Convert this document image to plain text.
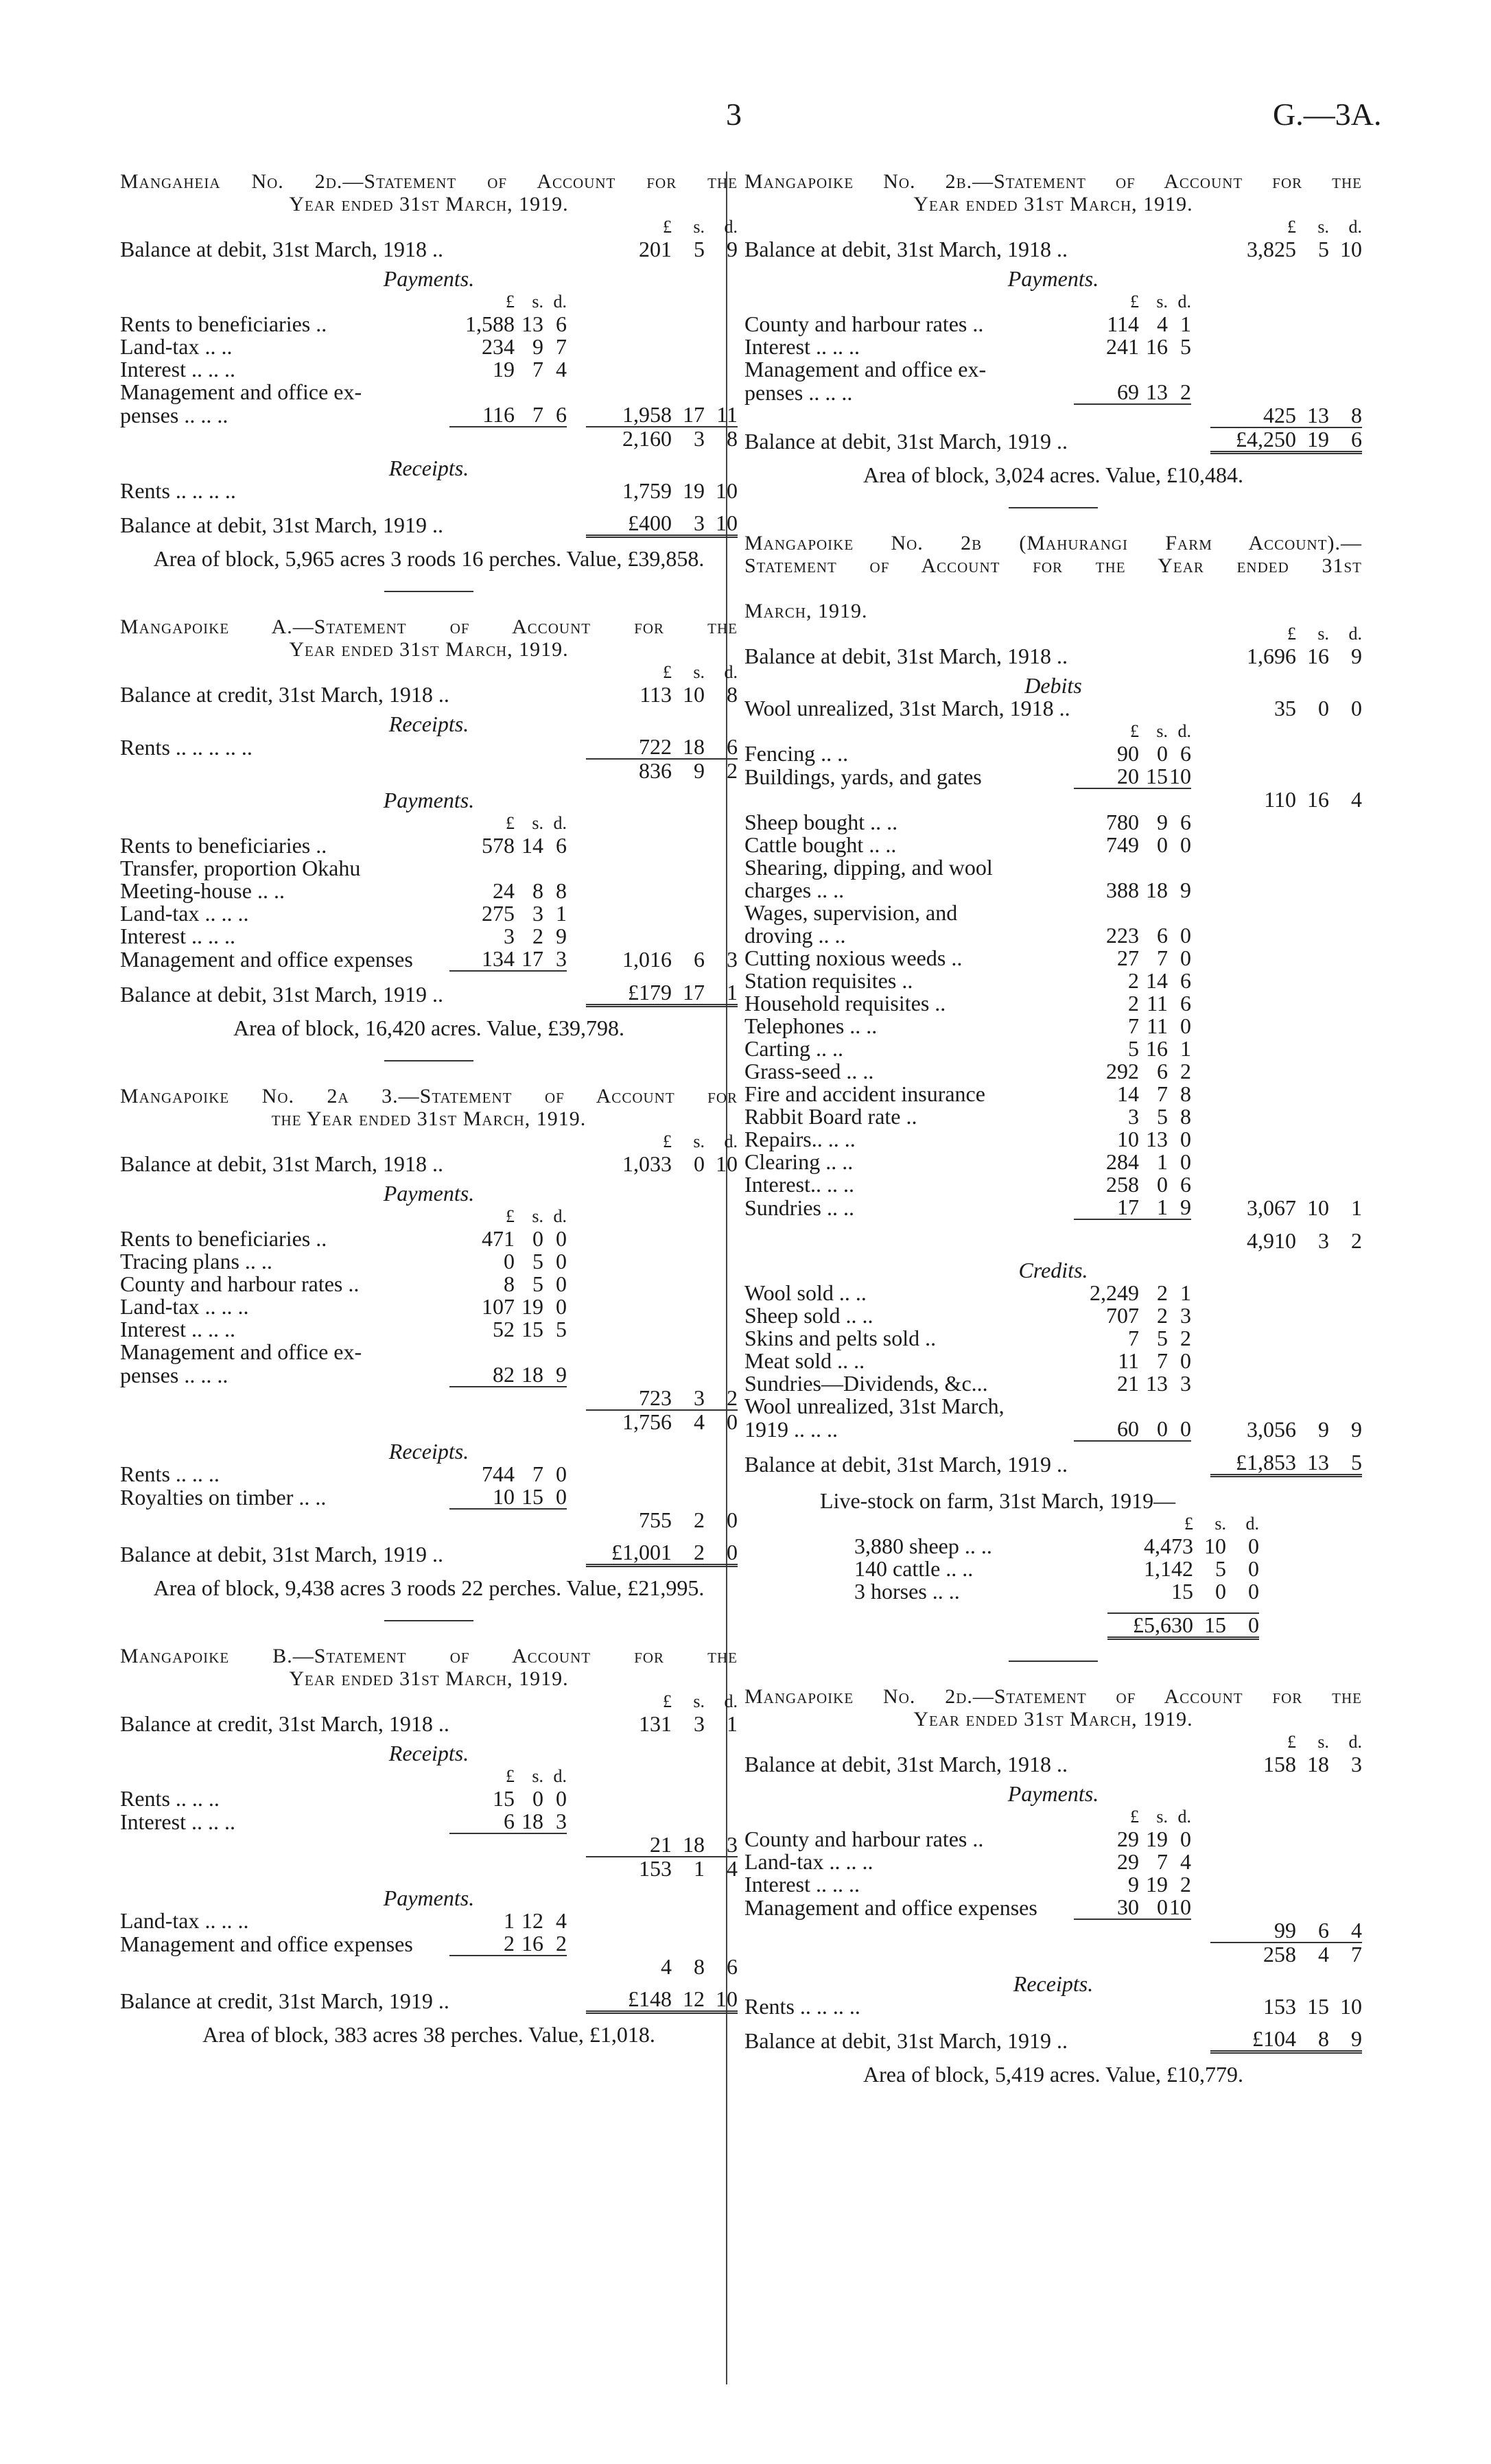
3	G.—3A.
Mangaheia No. 2d.—Statement of Account for the
Year ended 31st March, 1919.
					£	s.	d.
Balance at debit, 31st March, 1918 ..					201	5	9
Payments.							
	£	s.	d.				
Rents to beneficiaries ..	1,588	13	6				
Land-tax .. ..	234	9	7				
Interest .. .. ..	19	7	4				
Management and office ex-							
penses .. .. ..	116	7	6		1,958	17	11
					2,160	3	8
Receipts.							
Rents .. .. .. ..					1,759	19	10

Balance at debit, 31st March, 1919 ..					£400	3	10
Area of block, 5,965 acres 3 roods 16 perches. Value, £39,858.
Mangapoike A.—Statement of Account for the
Year ended 31st March, 1919.
					£	s.	d.
Balance at credit, 31st March, 1918 ..					113	10	8
Receipts.							
Rents .. .. .. .. ..					722	18	6
					836	9	2
Payments.							
	£	s.	d.				
Rents to beneficiaries ..	578	14	6				
Transfer, proportion Okahu							
Meeting-house .. ..	24	8	8				
Land-tax .. .. ..	275	3	1				
Interest .. .. ..	3	2	9				
Management and office expenses	134	17	3		1,016	6	3

Balance at debit, 31st March, 1919 ..					£179	17	1
Area of block, 16,420 acres. Value, £39,798.
Mangapoike No. 2a 3.—Statement of Account for
the Year ended 31st March, 1919.
					£	s.	d.
Balance at debit, 31st March, 1918 ..					1,033	0	10
Payments.							
	£	s.	d.				
Rents to beneficiaries ..	471	0	0				
Tracing plans .. ..	0	5	0				
County and harbour rates ..	8	5	0				
Land-tax .. .. ..	107	19	0				
Interest .. .. ..	52	15	5				
Management and office ex-							
penses .. .. ..	82	18	9				
					723	3	2
					1,756	4	0
Receipts.							
Rents .. .. ..	744	7	0				
Royalties on timber .. ..	10	15	0				
					755	2	0

Balance at debit, 31st March, 1919 ..					£1,001	2	0
Area of block, 9,438 acres 3 roods 22 perches. Value, £21,995.
Mangapoike B.—Statement of Account for the
Year ended 31st March, 1919.
					£	s.	d.
Balance at credit, 31st March, 1918 ..					131	3	1
Receipts.							
	£	s.	d.				
Rents .. .. ..	15	0	0				
Interest .. .. ..	6	18	3				
					21	18	3
					153	1	4
Payments.							
Land-tax .. .. ..	1	12	4				
Management and office expenses	2	16	2				
					4	8	6

Balance at credit, 31st March, 1919 ..					£148	12	10
Area of block, 383 acres 38 perches. Value, £1,018.
Mangapoike No. 2b.—Statement of Account for the
Year ended 31st March, 1919.
					£	s.	d.
Balance at debit, 31st March, 1918 ..					3,825	5	10
Payments.							
	£	s.	d.				
County and harbour rates ..	114	4	1				
Interest .. .. ..	241	16	5				
Management and office ex-							
penses .. .. ..	69	13	2				
					425	13	8
Balance at debit, 31st March, 1919 ..					£4,250	19	6
Area of block, 3,024 acres. Value, £10,484.
Mangapoike No. 2b (Mahurangi Farm Account).—
Statement of Account for the Year ended 31st

March, 1919.
					£	s.	d.
Balance at debit, 31st March, 1918 ..					1,696	16	9
Debits							
Wool unrealized, 31st March, 1918 ..					35	0	0
	£	s.	d.				
Fencing .. ..	90	0	6				
Buildings, yards, and gates	20	15	10				
					110	16	4
Sheep bought .. ..	780	9	6				
Cattle bought .. ..	749	0	0				
Shearing, dipping, and wool							
charges .. ..	388	18	9				
Wages, supervision, and							
droving .. ..	223	6	0				
Cutting noxious weeds ..	27	7	0				
Station requisites ..	2	14	6				
Household requisites ..	2	11	6				
Telephones .. ..	7	11	0				
Carting .. ..	5	16	1				
Grass-seed .. ..	292	6	2				
Fire and accident insurance	14	7	8				
Rabbit Board rate ..	3	5	8				
Repairs.. .. ..	10	13	0				
Clearing .. ..	284	1	0				
Interest.. .. ..	258	0	6				
Sundries .. ..	17	1	9		3,067	10	1

					4,910	3	2
Credits.							
Wool sold .. ..	2,249	2	1				
Sheep sold .. ..	707	2	3				
Skins and pelts sold ..	7	5	2				
Meat sold .. ..	11	7	0				
Sundries—Dividends, &c...	21	13	3				
Wool unrealized, 31st March,							
1919 .. .. ..	60	0	0		3,056	9	9

Balance at debit, 31st March, 1919 ..					£1,853	13	5
Live-stock on farm, 31st March, 1919—
	£	s.	d.
3,880 sheep .. ..	4,473	10	0
140 cattle .. ..	1,142	5	0
3 horses .. ..	15	0	0

	£5,630	15	0
Mangapoike No. 2d.—Statement of Account for the
Year ended 31st March, 1919.
					£	s.	d.
Balance at debit, 31st March, 1918 ..					158	18	3
Payments.							
	£	s.	d.				
County and harbour rates ..	29	19	0				
Land-tax .. .. ..	29	7	4				
Interest .. .. ..	9	19	2				
Management and office expenses	30	0	10				
					99	6	4
					258	4	7
Receipts.							
Rents .. .. .. ..					153	15	10

Balance at debit, 31st March, 1919 ..					£104	8	9
Area of block, 5,419 acres. Value, £10,779.
